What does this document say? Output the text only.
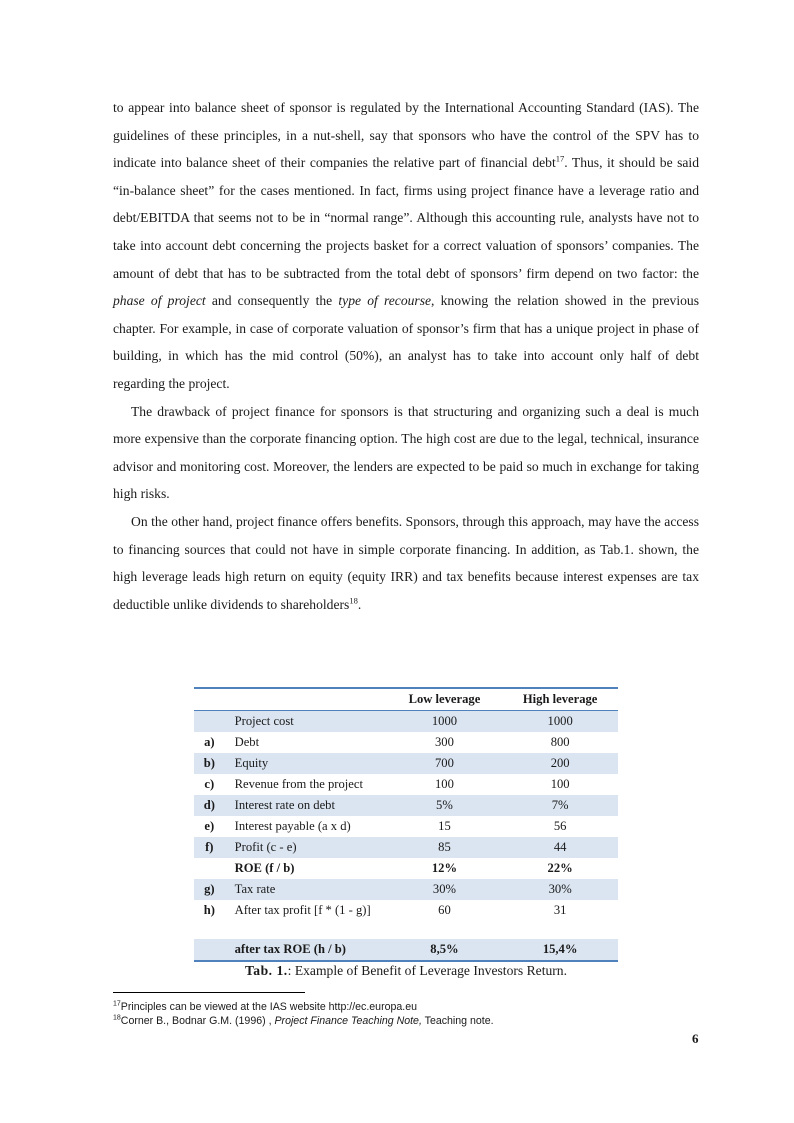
to appear into balance sheet of sponsor is regulated by the International Accounting Standard (IAS). The guidelines of these principles, in a nut-shell, say that sponsors who have the control of the SPV has to indicate into balance sheet of their companies the relative part of financial debt$^{17}$. Thus, it should be said “in-balance sheet” for the cases mentioned. In fact, firms using project finance have a leverage ratio and debt/EBITDA that seems not to be in “normal range”. Although this accounting rule, analysts have not to take into account debt concerning the projects basket for a correct valuation of sponsors’ companies. The amount of debt that has to be subtracted from the total debt of sponsors’ firm depend on two factor: the phase of project and consequently the type of recourse, knowing the relation showed in the previous chapter. For example, in case of corporate valuation of sponsor’s firm that has a unique project in phase of building, in which has the mid control (50%), an analyst has to take into account only half of debt regarding the project.

The drawback of project finance for sponsors is that structuring and organizing such a deal is much more expensive than the corporate financing option. The high cost are due to the legal, technical, insurance advisor and monitoring cost. Moreover, the lenders are expected to be paid so much in exchange for taking high risks.

On the other hand, project finance offers benefits. Sponsors, through this approach, may have the access to financing sources that could not have in simple corporate financing. In addition, as Tab.1. shown, the high leverage leads high return on equity (equity IRR) and tax benefits because interest expenses are tax deductible unlike dividends to shareholders$^{18}$.

		Low leverage	High leverage
	Project cost	1000	1000
a)	Debt	300	800
b)	Equity	700	200
c)	Revenue from the project	100	100
d)	Interest rate on debt	5%	7%
e)	Interest payable (a x d)	15	56
f)	Profit (c - e)	85	44
	ROE (f / b)	12%	22%
g)	Tax rate	30%	30%
h)	After tax profit [f * (1 - g)]	60	31
	after tax ROE (h / b)	8,5%	15,4%
Tab. 1.: Example of Benefit of Leverage Investors Return.
$^{17}$Principles can be viewed at the IAS website http://ec.europa.eu
$^{18}$Corner B., Bodnar G.M. (1996) , Project Finance Teaching Note, Teaching note.
6
